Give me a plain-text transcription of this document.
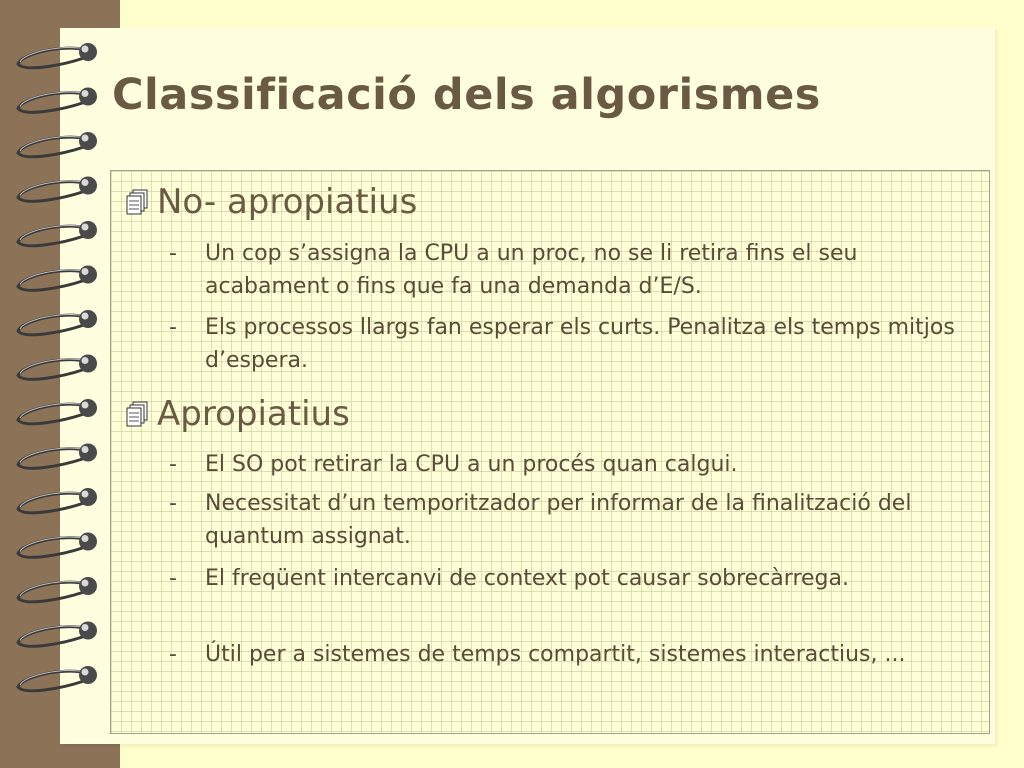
Classificació dels algorismes
No- apropiatius
-	Un cop s’assigna la CPU a un proc, no se li retira fins el seu acabament o fins que fa una demanda d’E/S.
-	Els processos llargs fan esperar els curts. Penalitza els temps mitjos d’espera.
Apropiatius
-	El SO pot retirar la CPU a un procés quan calgui.
-	Necessitat d’un temporitzador per informar de la finalització del quantum assignat.
-	El freqüent intercanvi de context pot causar sobrecàrrega.
-	Útil per a sistemes de temps compartit, sistemes interactius, ...
